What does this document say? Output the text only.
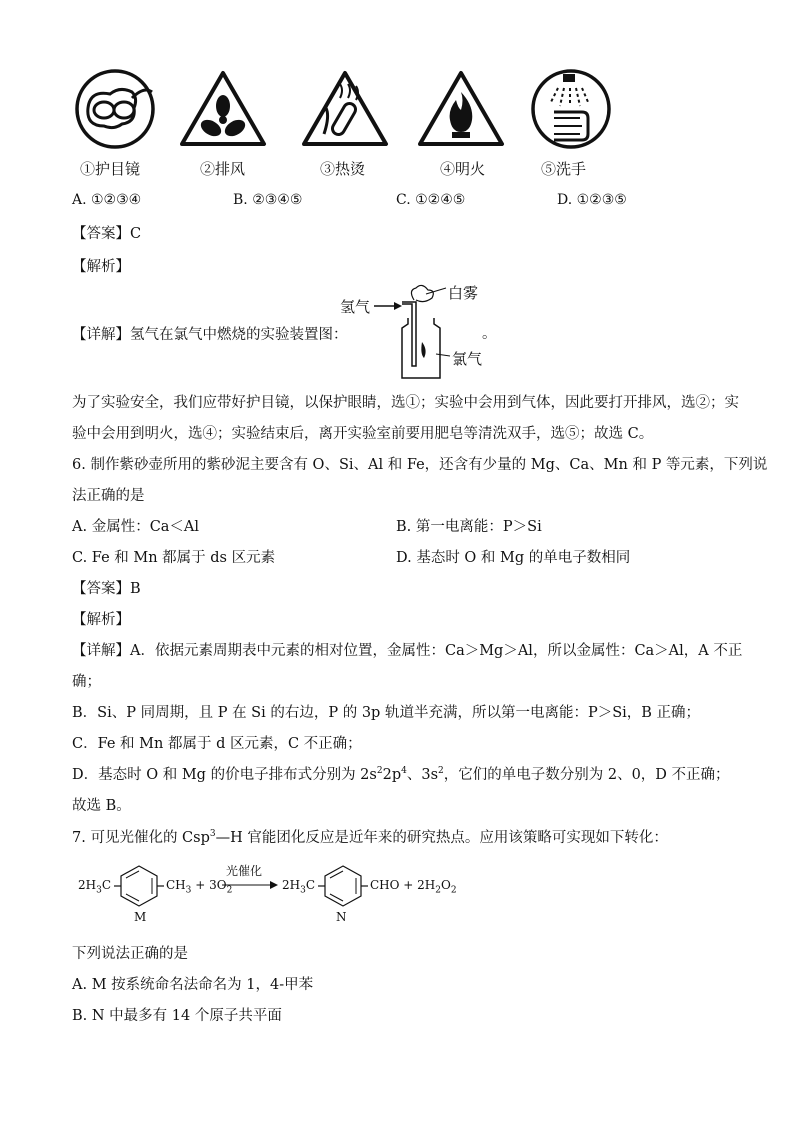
①护目镜	②排风	③热烫	④明火	⑤洗手
A. ①②③④	B. ②③④⑤	C. ①②④⑤	D. ①②③⑤
【答案】C
【解析】
【详解】氢气在氯气中燃烧的实验装置图：
氢气
白雾
氯气
。
为了实验安全，我们应带好护目镜，以保护眼睛，选①；实验中会用到气体，因此要打开排风，选②；实
验中会用到明火，选④；实验结束后，离开实验室前要用肥皂等清洗双手，选⑤；故选 C。
6. 制作紫砂壶所用的紫砂泥主要含有 O、Si、Al 和 Fe，还含有少量的 Mg、Ca、Mn 和 P 等元素，下列说
法正确的是
A. 金属性：Ca＜Al	B. 第一电离能：P＞Si
C. Fe 和 Mn 都属于 ds 区元素	D. 基态时 O 和 Mg 的单电子数相同
【答案】B
【解析】
【详解】A．依据元素周期表中元素的相对位置，金属性：Ca＞Mg＞Al，所以金属性：Ca＞Al，A 不正
确；
B．Si、P 同周期，且 P 在 Si 的右边，P 的 3p 轨道半充满，所以第一电离能：P＞Si，B 正确；
C．Fe 和 Mn 都属于 d 区元素，C 不正确；
D．基态时 O 和 Mg 的价电子排布式分别为 $2s^22p^4$、$3s^2$，它们的单电子数分别为 2、0，D 不正确；
故选 B。
7. 可见光催化的 Csp$^3$—H 官能团化反应是近年来的研究热点。应用该策略可实现如下转化：
$2H_3C$	$CH_3 + 3O_2$
光催化
$2H_3C$	CHO + $2H_2O_2$
M	N
下列说法正确的是
A. M 按系统命名法命名为 1，4-甲苯
B. N 中最多有 14 个原子共平面
